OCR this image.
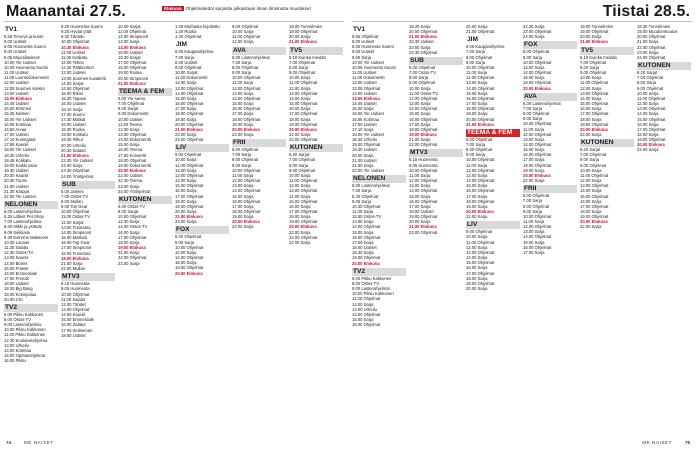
Maanantai 27.5.	Elokuva Ohjelmatiedot sarjoista julkaistaan ilman ilmoitusta muutokset
TV1
5.55 Terveys ja kunto
6.00 Uutiset
6.05 Huomenta Suomi
9.00 Uutiset
9.05 Muumilaakson
10.00 Yle Uutiset
10.05 Huomenta Suomi
11.00 Uutiset
11.05 Luontodokumentti
12.00 Uutiset
12.05 Suomen Kiekko
13.00 Uutiset
13.05 Elokuva
14.45 Uutiset
15.00 Strömsö
15.25 Nielsen
16.00 Yle Uutiset
16.05 Kotimaa
16.50 Arvaa
17.00 Uutiset
17.10 Kuningatar
17.55 Kauniit
18.00 Yle Uutiset
18.30 Urheilu
18.45 Kotikatu
19.00 Kaikki vaan
19.30 Uutiset
20.00 Kauniit
20.30 Tuurin
21.00 Uutiset
21.30 Kärppä
22.00 Yle Uutiset
NELONEN
6.00 Lastenohjelmia
6.25 Littlest Pet Shop
7.00 Lastenohjelmia
8.40 Mikki ja ystävät
9.05 Seikkailu
9.30 Extreme Makeover
10.30 Lounas
11.30 Salattu
12.30 Ostos-TV
13.05 Kaunis
14.00 Bones
15.00 Frasier
16.00 Emmerdale
17.00 Frendit
18.00 Uutiset
18.30 Big Bang
19.00 Kotiinpaluu
20.00 CSI
TV2
6.00 Pikku Kakkonen
8.00 Ostos-TV
9.00 Lastenohjelmia
10.00 Pikku Kakkonen
11.00 Pikku Kakkonen
12.30 Koululaisohjelma
13.00 Urheilu
14.00 Kotimaa
15.00 Opetusohjelmat
16.00 Pikku
9.20 Huomenta Suomi
9.25 Hyvää yötä
9.30 Tänään
10.00 Ohjelmat
10.30 Elokuva
11.00 Uutiset
11.05 Kotikatu
12.00 Tekno
12.30 Pääkonttori
13.00 Uutiset
13.05 Suomen kuvalehti
14.00 Sarjat
14.50 Ohjelmat
15.00 Rikos
15.30 Tapaus
16.00 Uutiset
16.10 Sarja
17.00 Suomi
17.30 Matkat
18.00 Uutiset
18.30 Ruoka
19.00 Kotikatu
19.30 Pilkut
20.00 Urheilu
20.30 Salatut
21.00 Elokuva
22.30 Yle Uutiset
23.00 Sarja
23.30 Ohjelmat
24.00 Yöohjelmat
SUB
6.00 Jamies
7.00 Ostos-TV
8.00 Mullan
9.00 Top Gear
10.00 Ohjelmat
11.00 Ostos-TV
12.00 Sarjat
13.00 Futurama
14.00 Simpsonit
15.00 Matlock
16.00 Top Gear
17.00 Simpsonit
18.00 Futurama
19.00 Elokuva
21.00 Sarja
22.00 Mullan
MTV3
6.15 Huomenta
9.05 Huomenta
10.00 Ohjelmat
11.00 Salatut
12.00 Tähdet
13.00 Ohjelmat
14.00 Kauniit
15.00 Emmerdale
16.00 Salatut
17.00 Seitsemän
18.00 Uutiset
10.00 Sarjat
11.00 Ohjelmat
12.00 Simpsonit
13.00 Sarja
14.00 Elokuva
16.00 Uutiset
16.30 Sarjat
17.00 Ohjelmat
18.00 Ohjelmat
19.00 Ruoka
20.00 Simpsonit
21.00 Elokuva
TEEMA & FEM
6.00 Yle Aamu
7.00 Ohjelmat
8.00 Sarjat
9.00 Dokumentit
10.00 Uutiset
11.00 Teema
12.00 Sarja
13.00 Ohjelmat
14.00 Dokumentti
15.00 Sarja
16.00 Teema
17.00 Konsertti
18.00 Ohjelmat
19.00 Dokumentti
20.00 Elokuva
22.00 Uutiset
22.30 Teema
23.00 Sarja
24.00 Yöohjelmat
KUTONEN
6.00 Ostos-TV
8.00 Sarjat
10.00 Ohjelmat
12.00 Sarja
14.00 Ostos-TV
16.00 Sarja
17.00 Ohjelmat
18.00 Sarja
19.00 Elokuva
21.00 Sarja
22.00 Ohjelmat
23.00 Sarja
1.00 Murhasta kirjoitettu
1.20 Ruoka
1.30 Ohjelmat
JIM
6.00 Kauppaohjelma
7.00 Sarja
8.00 Uutiset
9.00 Ohjelmat
10.00 Sarjat
11.00 Dokumentit
12.00 Sarja
13.00 Ohjelmat
14.00 Ohjelmat
15.00 Sarja
16.00 Ohjelmat
17.00 Sarja
18.00 Ohjelmat
19.00 Sarja
20.00 Ohjelmat
21.00 Elokuva
23.00 Sarja
24.00 Ohjelmat
LIV
9.00 Ohjelmat
10.00 Sarja
11.00 Ohjelmat
12.00 Sarja
13.00 Ohjelmat
14.00 Sarja
15.00 Ohjelmat
16.00 Sarja
17.00 Ohjelmat
18.00 Sarja
19.00 Ohjelmat
20.00 Sarja
21.00 Elokuva
23.00 Sarja
FOX
6.00 Ohjelmat
8.00 Sarja
10.00 Ohjelmat
12.00 Sarja
14.00 Ohjelmat
16.00 Sarja
18.00 Ohjelmat
20.00 Elokuva
9.00 Ohjelmat
10.00 Sarja
11.00 Ohjelmat
12.00 Sarja
AVA
6.00 Lastenohjelmat
7.00 Sarja
8.00 Ohjelmat
9.00 Sarja
10.00 Ohjelmat
11.00 Sarja
12.00 Ohjelmat
13.00 Sarja
14.00 Ohjelmat
15.00 Sarja
16.00 Ohjelmat
17.00 Sarja
18.00 Ohjelmat
19.00 Sarja
20.00 Elokuva
22.00 Sarja
FRII
6.00 Ohjelmat
7.00 Sarja
8.00 Ohjelmat
9.00 Sarja
10.00 Ohjelmat
11.00 Sarja
12.00 Ohjelmat
13.00 Sarja
14.00 Ohjelmat
15.00 Sarja
16.00 Ohjelmat
17.00 Sarja
18.00 Ohjelmat
19.00 Sarja
20.00 Elokuva
22.00 Sarja
18.00 Tunnelmien
19.00 Ohjelmat
20.00 Sarja
21.00 Elokuva
TV5
6.10 Kuinka meidän
7.00 Ohjelmat
8.00 Sarja
9.00 Ohjelmat
10.00 Sarja
11.00 Ohjelmat
12.00 Sarja
13.00 Ohjelmat
14.00 Sarja
15.00 Ohjelmat
16.00 Sarja
17.00 Ohjelmat
18.00 Sarja
19.00 Ohjelmat
20.00 Elokuva
22.00 Sarja
23.00 Ohjelmat
KUTONEN
6.20 Sarjat
7.00 Ohjelmat
8.00 Sarja
9.00 Ohjelmat
10.00 Sarja
11.00 Ohjelmat
12.00 Sarja
13.00 Ohjelmat
14.00 Sarja
15.00 Ohjelmat
16.00 Sarja
17.00 Ohjelmat
18.00 Sarja
19.00 Ohjelmat
20.00 Elokuva
22.00 Sarja
23.00 Ohjelmat
24.00 Sarja
74	ME NAISET
Tiistai 28.5.
TV1
5.55 Ohjelmat
6.00 Uutiset
6.05 Huomenta Suomi
9.00 Uutiset
9.05 Sarja
10.00 Yle Uutiset
10.05 Huomenta Suomi
11.00 Uutiset
11.05 Dokumentti
12.00 Uutiset
12.05 Ohjelmat
13.00 Uutiset
13.05 Elokuva
14.45 Uutiset
15.00 Sarja
16.00 Yle Uutiset
16.05 Kotimaa
17.00 Uutiset
17.10 Sarja
18.00 Yle Uutiset
18.30 Urheilu
19.00 Ohjelmat
19.30 Uutiset
20.00 Sarja
21.00 Uutiset
21.30 Sarja
22.00 Yle Uutiset
NELONEN
6.00 Lastenohjelmat
7.00 Sarja
8.40 Ohjelmat
9.05 Sarja
10.30 Ohjelmat
11.30 Sarja
12.30 Ostos-TV
13.05 Sarja
14.00 Ohjelmat
15.00 Sarja
16.00 Ohjelmat
17.00 Sarja
18.00 Uutiset
18.30 Sarja
19.00 Ohjelmat
20.00 Elokuva
TV2
6.00 Pikku Kakkonen
8.00 Ostos-TV
9.00 Lastenohjelmat
10.00 Pikku Kakkonen
11.00 Ohjelmat
12.00 Sarja
13.00 Urheilu
14.00 Ohjelmat
15.00 Sarja
16.00 Ohjelmat
19.20 Sarja
20.00 Ohjelmat
21.00 Elokuva
22.30 Uutiset
23.00 Sarja
23.30 Ohjelmat
SUB
6.00 Ohjelmat
7.00 Ostos-TV
8.00 Sarja
9.00 Ohjelmat
10.00 Sarja
11.00 Ostos-TV
12.00 Ohjelmat
13.00 Sarja
14.00 Ohjelmat
15.00 Sarja
16.00 Ohjelmat
17.00 Sarja
18.00 Ohjelmat
19.00 Elokuva
21.00 Sarja
22.00 Ohjelmat
MTV3
6.15 Huomenta
9.05 Huomenta
10.00 Ohjelmat
11.00 Sarja
12.00 Ohjelmat
13.00 Sarja
14.00 Ohjelmat
15.00 Sarja
16.00 Ohjelmat
17.00 Sarja
18.00 Uutiset
19.00 Ohjelmat
20.00 Sarja
21.00 Elokuva
23.00 Ohjelmat
20.00 Sarja
21.00 Ohjelmat
JIM
6.00 Kauppaohjelma
7.00 Sarja
8.00 Ohjelmat
9.00 Sarja
10.00 Ohjelmat
11.00 Sarja
12.00 Ohjelmat
13.00 Sarja
14.00 Ohjelmat
15.00 Sarja
16.00 Ohjelmat
17.00 Sarja
18.00 Ohjelmat
19.00 Sarja
20.00 Ohjelmat
21.00 Elokuva
TEEMA & FEM
6.00 Ohjelmat
7.00 Sarja
8.00 Ohjelmat
9.00 Sarja
10.00 Ohjelmat
11.00 Sarja
12.00 Ohjelmat
13.00 Sarja
14.00 Ohjelmat
15.00 Sarja
16.00 Ohjelmat
17.00 Sarja
18.00 Ohjelmat
19.00 Sarja
20.00 Elokuva
22.00 Sarja
LIV
9.00 Ohjelmat
10.00 Sarja
11.00 Ohjelmat
12.00 Sarja
13.00 Ohjelmat
14.00 Sarja
15.00 Ohjelmat
16.00 Sarja
17.00 Ohjelmat
18.00 Sarja
19.00 Ohjelmat
20.00 Sarja
22.30 Sarja
23.00 Ohjelmat
24.00 Sarja
FOX
6.00 Ohjelmat
8.00 Sarja
10.00 Ohjelmat
12.00 Sarja
14.00 Ohjelmat
16.00 Sarja
18.00 Ohjelmat
20.00 Elokuva
AVA
6.00 Lastenohjelmat
7.00 Sarja
8.00 Ohjelmat
9.00 Sarja
10.00 Ohjelmat
11.00 Sarja
12.00 Ohjelmat
13.00 Sarja
14.00 Ohjelmat
15.00 Sarja
16.00 Ohjelmat
17.00 Sarja
18.00 Ohjelmat
19.00 Sarja
20.00 Elokuva
22.00 Sarja
FRII
6.00 Ohjelmat
7.00 Sarja
8.00 Ohjelmat
9.00 Sarja
10.00 Ohjelmat
11.00 Sarja
12.00 Ohjelmat
13.00 Sarja
14.00 Ohjelmat
15.00 Sarja
16.00 Ohjelmat
17.00 Sarja
18.00 Tunnelmien
19.00 Ohjelmat
20.00 Sarja
21.00 Elokuva
TV5
6.10 Kuinka meidän
7.00 Ohjelmat
8.00 Sarja
9.00 Ohjelmat
10.00 Sarja
11.00 Ohjelmat
12.00 Sarja
13.00 Ohjelmat
14.00 Sarja
15.00 Ohjelmat
16.00 Sarja
17.00 Ohjelmat
18.00 Sarja
19.00 Ohjelmat
20.00 Elokuva
22.00 Sarja
KUTONEN
6.20 Sarjat
7.00 Ohjelmat
8.00 Sarja
9.00 Ohjelmat
10.00 Sarja
11.00 Ohjelmat
12.00 Sarja
13.00 Ohjelmat
14.00 Sarja
15.00 Ohjelmat
16.00 Sarja
17.00 Ohjelmat
18.00 Sarja
19.00 Ohjelmat
20.00 Elokuva
22.00 Sarja
18.30 Tunnelmien
19.00 Muodonmuutos
20.00 Ohjelmat
21.00 Sarja
22.00 Ohjelmat
23.00 Sarja
24.00 Ohjelmat
KUTONEN
6.20 Sarjat
7.00 Ohjelmat
8.00 Sarja
9.00 Ohjelmat
10.00 Sarja
11.00 Ohjelmat
12.00 Sarja
13.00 Ohjelmat
14.00 Sarja
15.00 Ohjelmat
16.00 Sarja
17.00 Ohjelmat
18.00 Sarja
19.00 Ohjelmat
20.00 Elokuva
22.00 Sarja
ME NAISET	75
